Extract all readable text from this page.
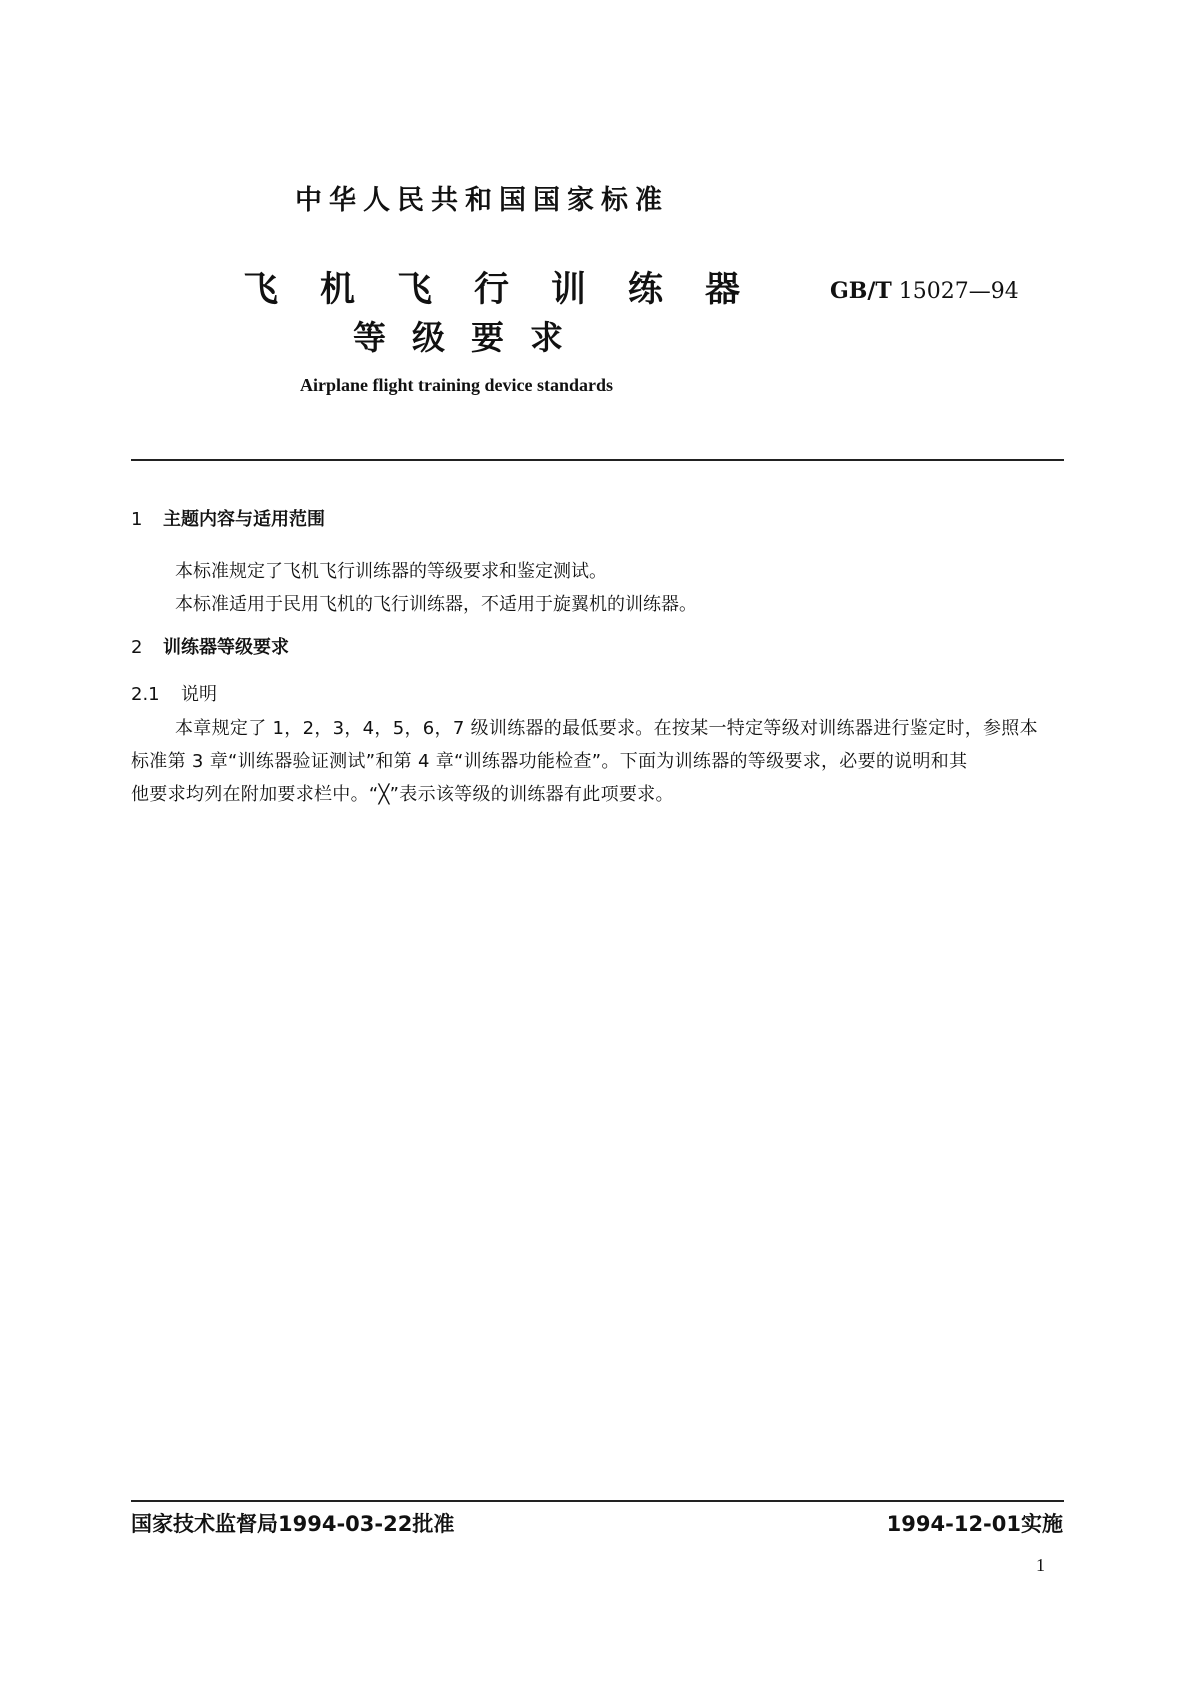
中华人民共和国国家标准
飞机飞行训练器
等级要求
GB/T 15027—94
Airplane flight training device standards
1 主题内容与适用范围
本标准规定了飞机飞行训练器的等级要求和鉴定测试。
本标准适用于民用飞机的飞行训练器，不适用于旋翼机的训练器。
2 训练器等级要求
2.1 说明
本章规定了 1，2，3，4，5，6，7 级训练器的最低要求。在按某一特定等级对训练器进行鉴定时，参照本
标准第 3 章“训练器验证测试”和第 4 章“训练器功能检查”。下面为训练器的等级要求，必要的说明和其
他要求均列在附加要求栏中。“╳”表示该等级的训练器有此项要求。
国家技术监督局1994-03-22批准	1994-12-01实施
1
